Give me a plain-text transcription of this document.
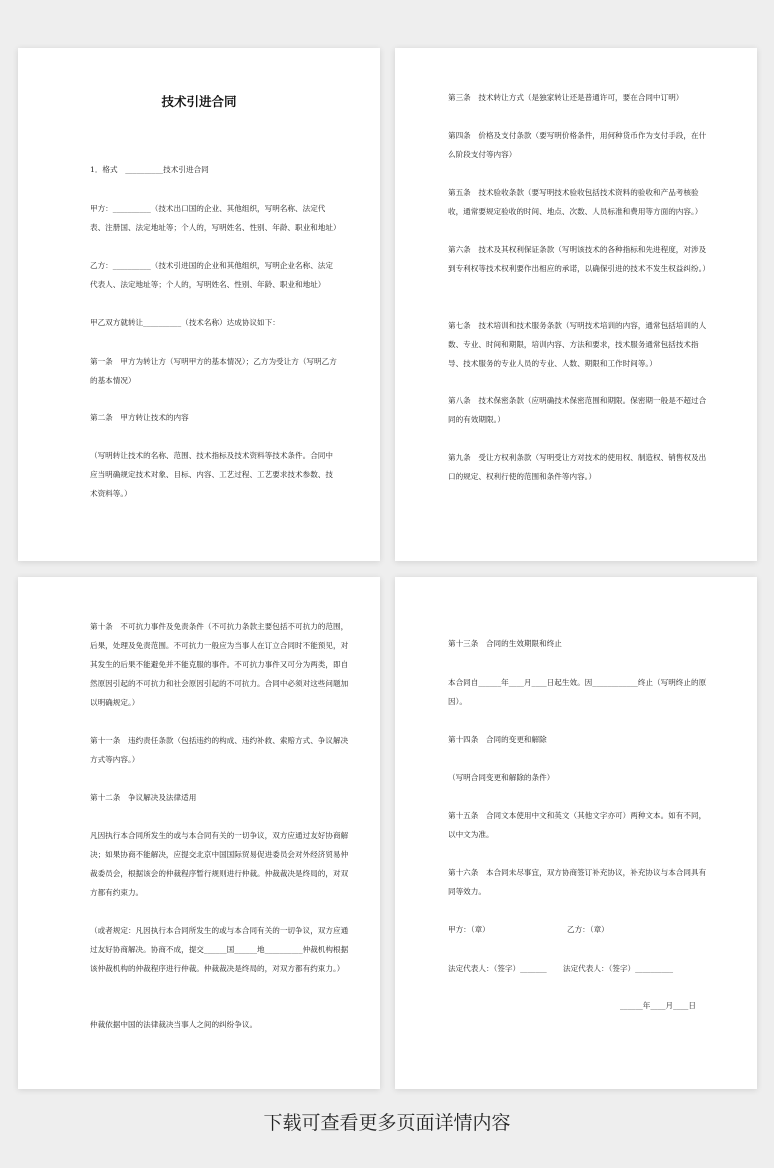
技术引进合同

1．格式　__________技术引进合同

甲方：__________（技术出口国的企业、其他组织，写明名称、法定代表、注册国、法定地址等；个人的，写明姓名、性别、年龄、职业和地址）

乙方：__________（技术引进国的企业和其他组织，写明企业名称、法定代表人、法定地址等；个人的，写明姓名、性别、年龄、职业和地址）

甲乙双方就转让__________（技术名称）达成协议如下：

第一条　甲方为转让方（写明甲方的基本情况）；乙方为受让方（写明乙方的基本情况）

第二条　甲方转让技术的内容

（写明转让技术的名称、范围、技术指标及技术资料等技术条件。合同中应当明确规定技术对象、目标、内容、工艺过程、工艺要求技术参数、技术资料等。）

第三条　技术转让方式（是独家转让还是普通许可，要在合同中订明）

第四条　价格及支付条款（要写明价格条件，用何种货币作为支付手段，在什么阶段支付等内容）

第五条　技术验收条款（要写明技术验收包括技术资料的验收和产品考核验收，通常要规定验收的时间、地点、次数、人员标准和费用等方面的内容。）

第六条　技术及其权利保证条款（写明该技术的各种指标和先进程度，对涉及到专利权等技术权利要作出相应的承诺，以确保引进的技术不发生权益纠纷。）

第七条　技术培训和技术服务条款（写明技术培训的内容，通常包括培训的人数、专业、时间和期限，培训内容、方法和要求，技术服务通常包括技术指导、技术服务的专业人员的专业、人数、期限和工作时间等。）

第八条　技术保密条款（应明确技术保密范围和期限。保密期一般是不超过合同的有效期限。）

第九条　受让方权利条款（写明受让方对技术的使用权、制造权、销售权及出口的规定、权利行使的范围和条件等内容。）

第十条　不可抗力事件及免责条件（不可抗力条款主要包括不可抗力的范围，后果，处理及免责范围。不可抗力一般应为当事人在订立合同时不能预见，对其发生的后果不能避免并不能克服的事件。不可抗力事件又可分为两类，即自然原因引起的不可抗力和社会原因引起的不可抗力。合同中必须对这些问题加以明确规定。）

第十一条　违约责任条款（包括违约的构成、违约补救、索赔方式、争议解决方式等内容。）

第十二条　争议解决及法律适用

凡因执行本合同所发生的或与本合同有关的一切争议，双方应通过友好协商解决；如果协商不能解决，应提交北京中国国际贸易促进委员会对外经济贸易仲裁委员会，根据该会的仲裁程序暂行规则进行仲裁。仲裁裁决是终局的，对双方都有约束力。

（或者规定：凡因执行本合同所发生的或与本合同有关的一切争议，双方应通过友好协商解决。协商不成，提交______国______地__________仲裁机构根据该仲裁机构的仲裁程序进行仲裁。仲裁裁决是终局的，对双方都有约束力。）

仲裁依据中国的法律裁决当事人之间的纠纷争议。

第十三条　合同的生效期限和终止

本合同自______年____月____日起生效。因____________终止（写明终止的原因）。

第十四条　合同的变更和解除

（写明合同变更和解除的条件）

第十五条　合同文本使用中文和英文（其他文字亦可）两种文本。如有不同，以中文为准。

第十六条　本合同未尽事宜，双方协商签订补充协议，补充协议与本合同具有同等效力。

甲方：（章）	乙方：（章）

法定代表人：（签字）_______	法定代表人：（签字）__________

______年____月____日

下载可查看更多页面详情内容
